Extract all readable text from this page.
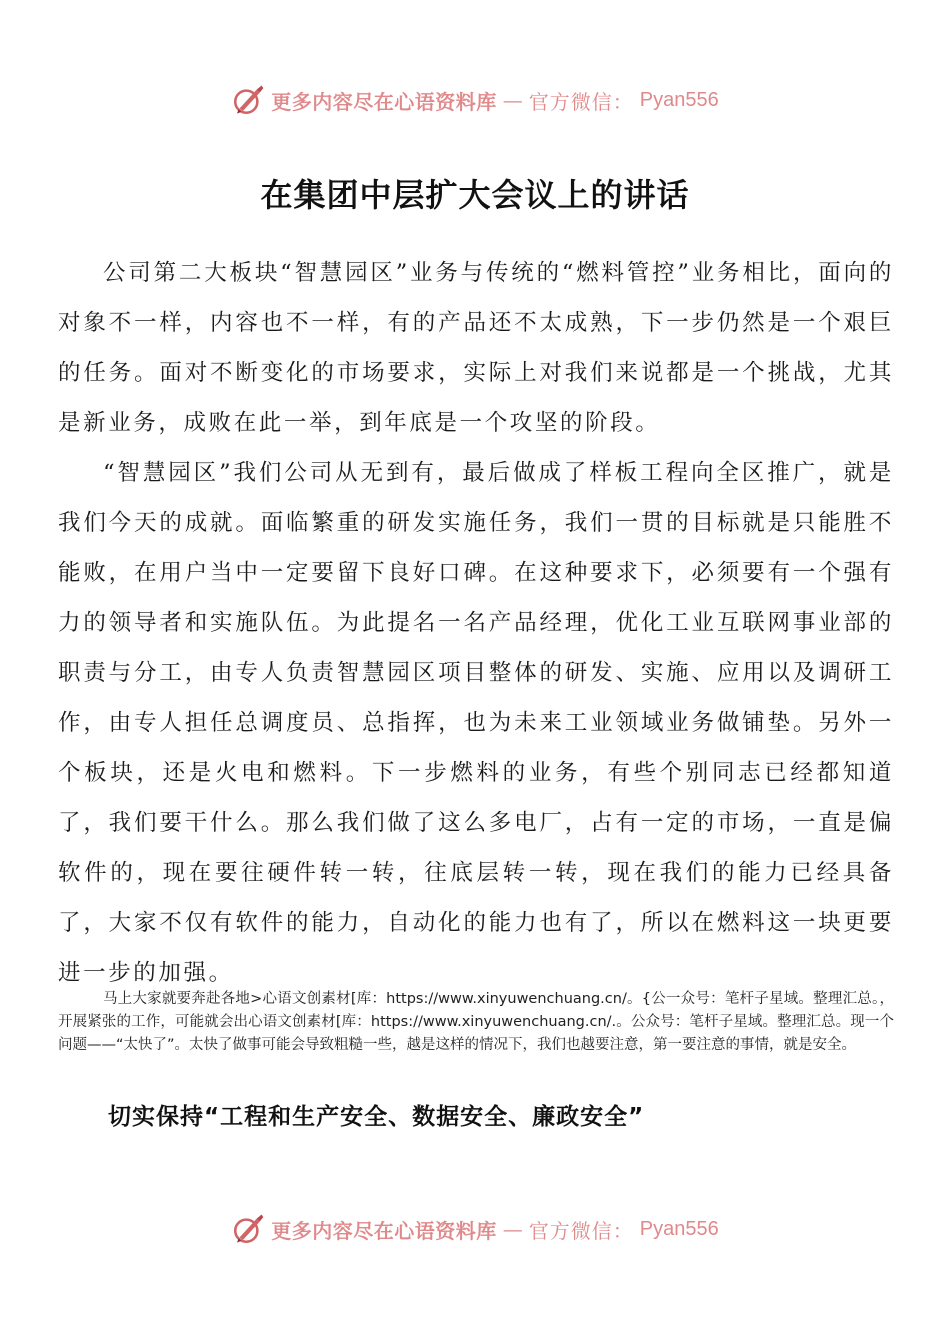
更多内容尽在心语资料库 — 官方微信： Pyan556
在集团中层扩大会议上的讲话

公司第二大板块“智慧园区”业务与传统的“燃料管控”业务相比，面向的对象不一样，内容也不一样，有的产品还不太成熟，下一步仍然是一个艰巨的任务。面对不断变化的市场要求，实际上对我们来说都是一个挑战，尤其是新业务，成败在此一举，到年底是一个攻坚的阶段。

“智慧园区”我们公司从无到有，最后做成了样板工程向全区推广，就是我们今天的成就。面临繁重的研发实施任务，我们一贯的目标就是只能胜不能败，在用户当中一定要留下良好口碑。在这种要求下，必须要有一个强有力的领导者和实施队伍。为此提名一名产品经理，优化工业互联网事业部的职责与分工，由专人负责智慧园区项目整体的研发、实施、应用以及调研工作，由专人担任总调度员、总指挥，也为未来工业领域业务做铺垫。另外一个板块，还是火电和燃料。下一步燃料的业务，有些个别同志已经都知道了，我们要干什么。那么我们做了这么多电厂，占有一定的市场，一直是偏软件的，现在要往硬件转一转，往底层转一转，现在我们的能力已经具备了，大家不仅有软件的能力，自动化的能力也有了，所以在燃料这一块更要进一步的加强。

马上大家就要奔赴各地>心语文创素材[库：https://www.xinyuwenchuang.cn/。{公一众号：笔杆子星域。整理汇总。，开展紧张的工作，可能就会出心语文创素材[库：https://www.xinyuwenchuang.cn/.。公众号：笔杆子星域。整理汇总。现一个问题——“太快了”。太快了做事可能会导致粗糙一些，越是这样的情况下，我们也越要注意，第一要注意的事情，就是安全。

切实保持“工程和生产安全、数据安全、廉政安全”
更多内容尽在心语资料库 — 官方微信： Pyan556
